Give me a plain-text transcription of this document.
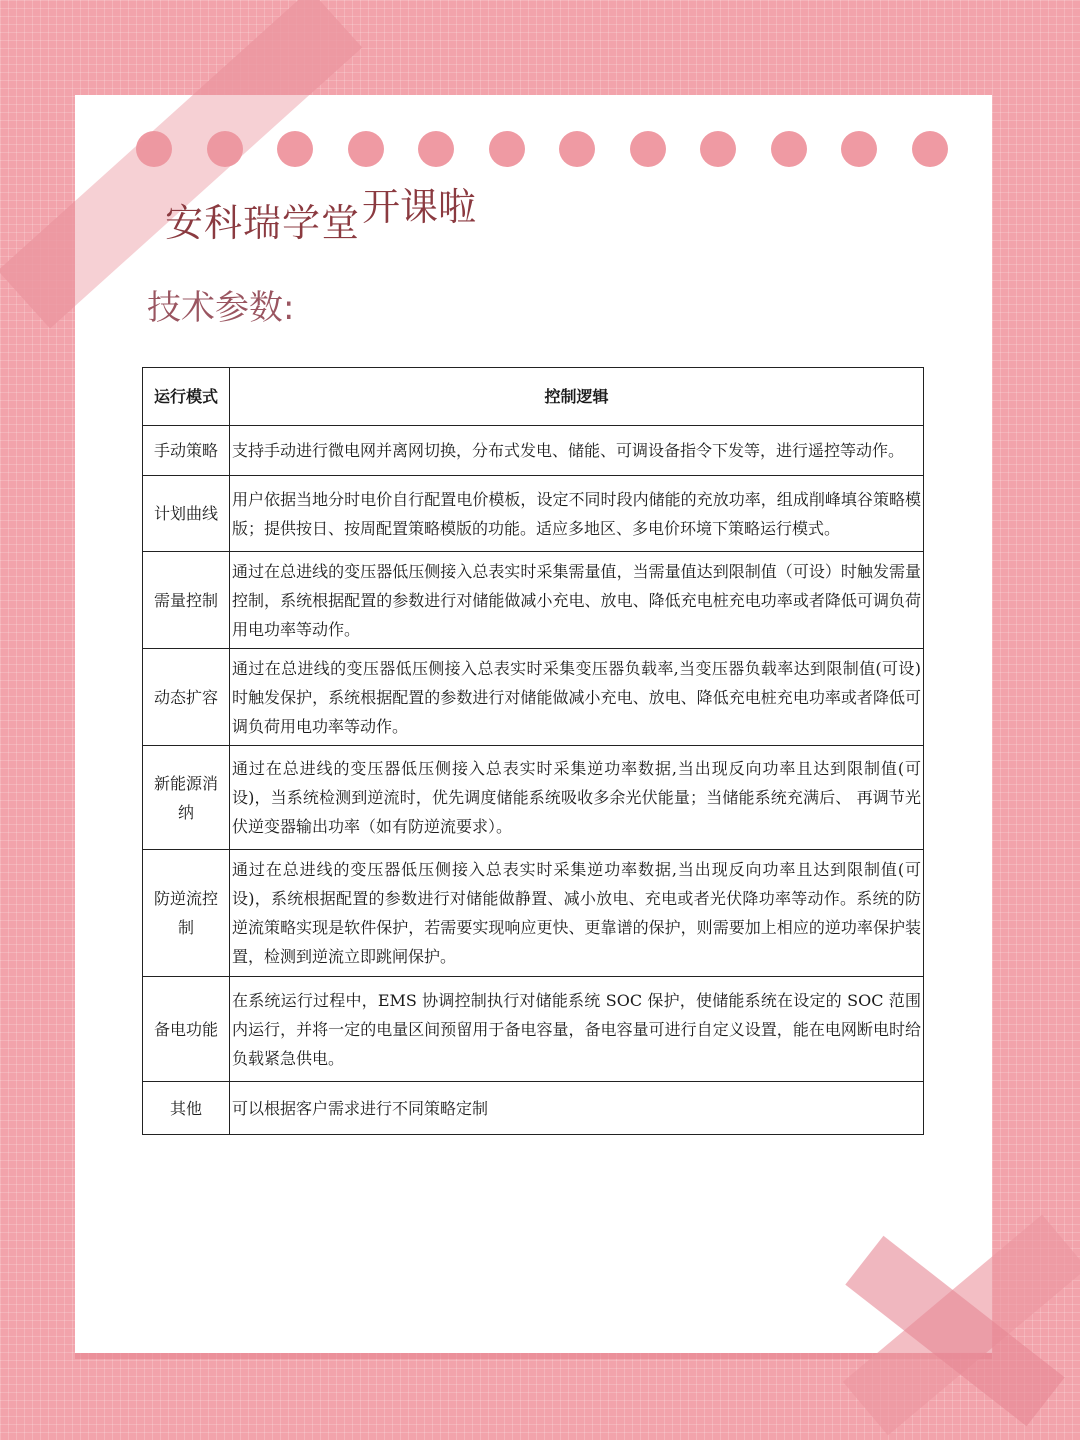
安科瑞学堂开课啦
技术参数:
运行模式	控制逻辑
手动策略	支持手动进行微电网并离网切换，分布式发电、储能、可调设备指令下发等，进行遥控等动作。
计划曲线	用户依据当地分时电价自行配置电价模板，设定不同时段内储能的充放功率，组成削峰填谷策略模版；提供按日、按周配置策略模版的功能。适应多地区、多电价环境下策略运行模式。
需量控制	通过在总进线的变压器低压侧接入总表实时采集需量值，当需量值达到限制值（可设）时触发需量控制，系统根据配置的参数进行对储能做减小充电、放电、降低充电桩充电功率或者降低可调负荷用电功率等动作。
动态扩容	通过在总进线的变压器低压侧接入总表实时采集变压器负载率,当变压器负载率达到限制值(可设)时触发保护，系统根据配置的参数进行对储能做减小充电、放电、降低充电桩充电功率或者降低可调负荷用电功率等动作。
新能源消纳	通过在总进线的变压器低压侧接入总表实时采集逆功率数据,当出现反向功率且达到限制值(可设)，当系统检测到逆流时，优先调度储能系统吸收多余光伏能量；当储能系统充满后、 再调节光伏逆变器输出功率（如有防逆流要求）。
防逆流控制	通过在总进线的变压器低压侧接入总表实时采集逆功率数据,当出现反向功率且达到限制值(可设)，系统根据配置的参数进行对储能做静置、减小放电、充电或者光伏降功率等动作。系统的防逆流策略实现是软件保护，若需要实现响应更快、更靠谱的保护，则需要加上相应的逆功率保护装置，检测到逆流立即跳闸保护。
备电功能	在系统运行过程中，EMS 协调控制执行对储能系统 SOC 保护，使储能系统在设定的 SOC 范围内运行，并将一定的电量区间预留用于备电容量，备电容量可进行自定义设置，能在电网断电时给负载紧急供电。
其他	可以根据客户需求进行不同策略定制
